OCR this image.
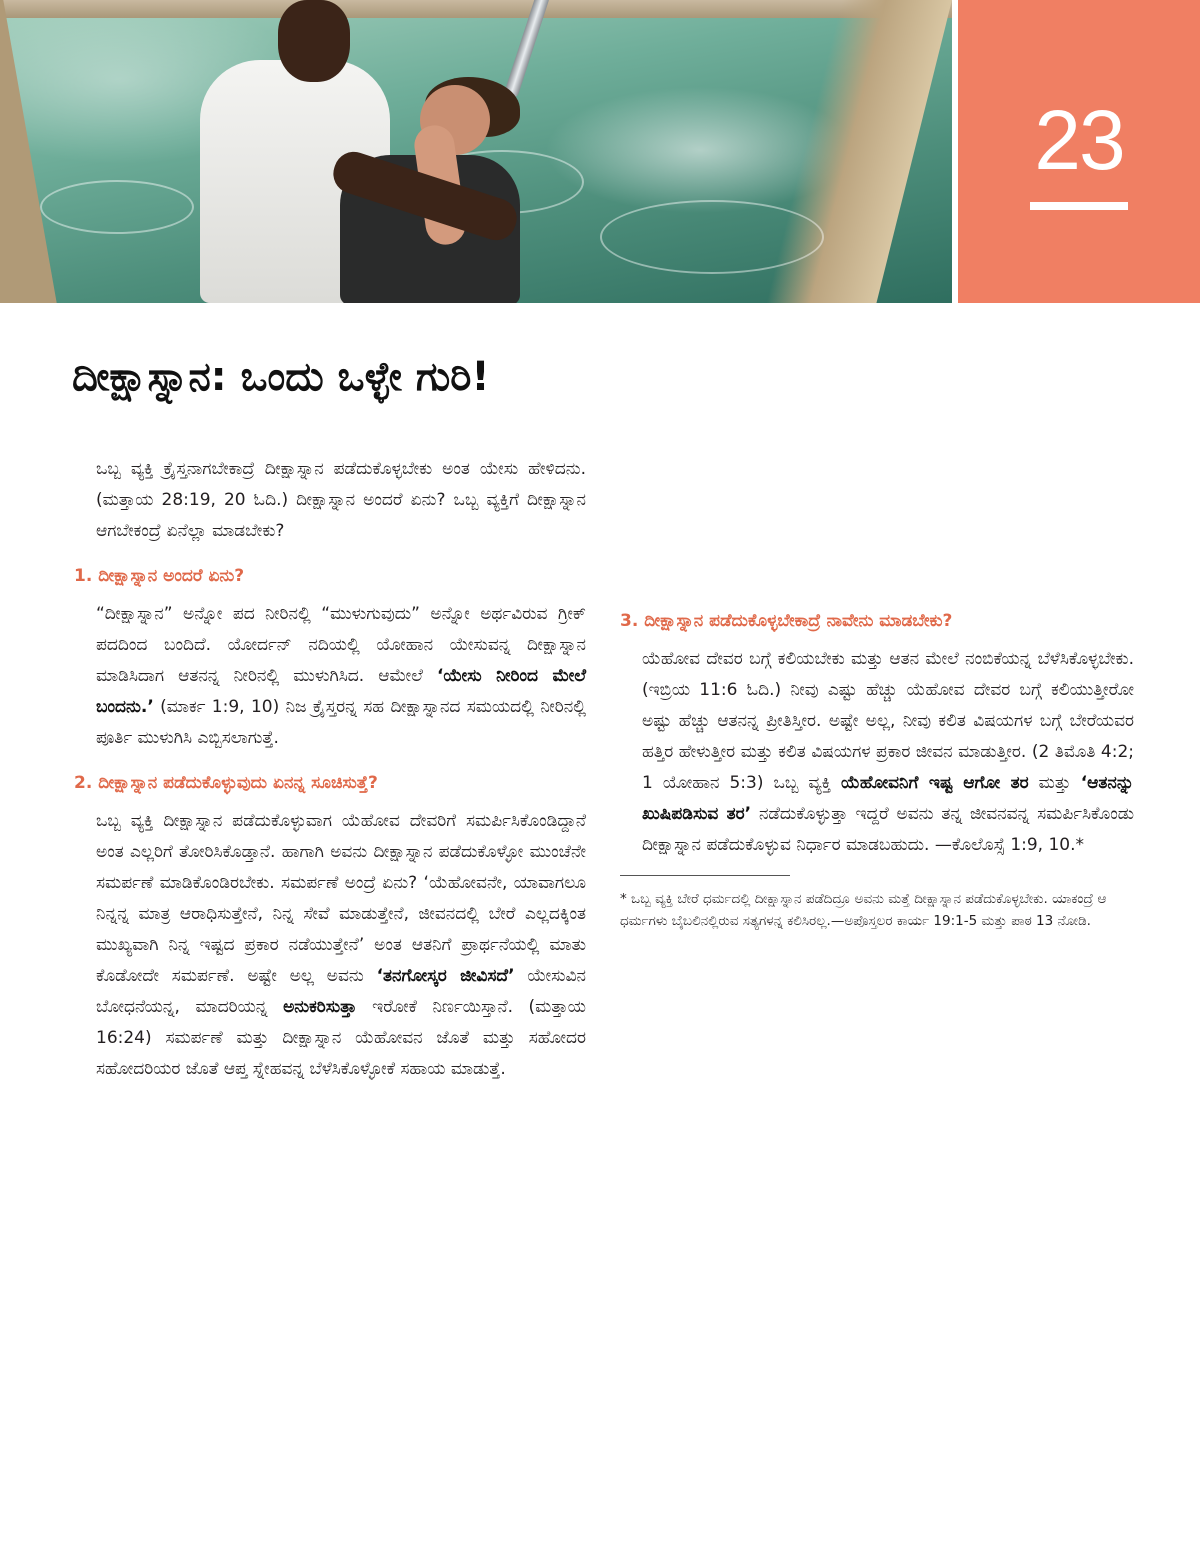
23
ದೀಕ್ಷಾಸ್ನಾನ: ಒಂದು ಒಳ್ಳೇ ಗುರಿ!

ಒಬ್ಬ ವ್ಯಕ್ತಿ ಕ್ರೈಸ್ತನಾಗಬೇಕಾದ್ರೆ ದೀಕ್ಷಾಸ್ನಾನ ಪಡೆದುಕೊಳ್ಳಬೇಕು ಅಂತ ಯೇಸು ಹೇಳಿದನು. (ಮತ್ತಾಯ 28:19, 20 ಓದಿ.) ದೀಕ್ಷಾಸ್ನಾನ ಅಂದರೆ ಏನು? ಒಬ್ಬ ವ್ಯಕ್ತಿಗೆ ದೀಕ್ಷಾಸ್ನಾನ ಆಗಬೇಕಂದ್ರೆ ಏನೆಲ್ಲಾ ಮಾಡಬೇಕು?

1. ದೀಕ್ಷಾಸ್ನಾನ ಅಂದರೆ ಏನು?

“ದೀಕ್ಷಾಸ್ನಾನ” ಅನ್ನೋ ಪದ ನೀರಿನಲ್ಲಿ “ಮುಳುಗುವುದು” ಅನ್ನೋ ಅರ್ಥವಿರುವ ಗ್ರೀಕ್ ಪದದಿಂದ ಬಂದಿದೆ. ಯೋರ್ದನ್ ನದಿಯಲ್ಲಿ ಯೋಹಾನ ಯೇಸುವನ್ನ ದೀಕ್ಷಾಸ್ನಾನ ಮಾಡಿಸಿದಾಗ ಆತನನ್ನ ನೀರಿನಲ್ಲಿ ಮುಳುಗಿಸಿದ. ಆಮೇಲೆ ‘ಯೇಸು ನೀರಿಂದ ಮೇಲೆ ಬಂದನು.’ (ಮಾರ್ಕ 1:9, 10) ನಿಜ ಕ್ರೈಸ್ತರನ್ನ ಸಹ ದೀಕ್ಷಾಸ್ನಾನದ ಸಮಯದಲ್ಲಿ ನೀರಿನಲ್ಲಿ ಪೂರ್ತಿ ಮುಳುಗಿಸಿ ಎಬ್ಬಿಸಲಾಗುತ್ತೆ.

2. ದೀಕ್ಷಾಸ್ನಾನ ಪಡೆದುಕೊಳ್ಳುವುದು ಏನನ್ನ ಸೂಚಿಸುತ್ತೆ?

ಒಬ್ಬ ವ್ಯಕ್ತಿ ದೀಕ್ಷಾಸ್ನಾನ ಪಡೆದುಕೊಳ್ಳುವಾಗ ಯೆಹೋವ ದೇವರಿಗೆ ಸಮರ್ಪಿಸಿಕೊಂಡಿದ್ದಾನೆ ಅಂತ ಎಲ್ಲರಿಗೆ ತೋರಿಸಿಕೊಡ್ತಾನೆ. ಹಾಗಾಗಿ ಅವನು ದೀಕ್ಷಾಸ್ನಾನ ಪಡೆದುಕೊಳ್ಳೋ ಮುಂಚೆನೇ ಸಮರ್ಪಣೆ ಮಾಡಿಕೊಂಡಿರಬೇಕು. ಸಮರ್ಪಣೆ ಅಂದ್ರೆ ಏನು? ‘ಯೆಹೋವನೇ, ಯಾವಾಗಲೂ ನಿನ್ನನ್ನ ಮಾತ್ರ ಆರಾಧಿಸುತ್ತೇನೆ, ನಿನ್ನ ಸೇವೆ ಮಾಡುತ್ತೇನೆ, ಜೀವನದಲ್ಲಿ ಬೇರೆ ಎಲ್ಲದಕ್ಕಿಂತ ಮುಖ್ಯವಾಗಿ ನಿನ್ನ ಇಷ್ಟದ ಪ್ರಕಾರ ನಡೆಯುತ್ತೇನೆ’ ಅಂತ ಆತನಿಗೆ ಪ್ರಾರ್ಥನೆಯಲ್ಲಿ ಮಾತು ಕೊಡೋದೇ ಸಮರ್ಪಣೆ. ಅಷ್ಟೇ ಅಲ್ಲ ಅವನು ‘ತನಗೋಸ್ಕರ ಜೀವಿಸದೆ’ ಯೇಸುವಿನ ಬೋಧನೆಯನ್ನ, ಮಾದರಿಯನ್ನ ಅನುಕರಿಸುತ್ತಾ ಇರೋಕೆ ನಿರ್ಣಯಿಸ್ತಾನೆ. (ಮತ್ತಾಯ 16:24) ಸಮರ್ಪಣೆ ಮತ್ತು ದೀಕ್ಷಾಸ್ನಾನ ಯೆಹೋವನ ಜೊತೆ ಮತ್ತು ಸಹೋದರ ಸಹೋದರಿಯರ ಜೊತೆ ಆಪ್ತ ಸ್ನೇಹವನ್ನ ಬೆಳೆಸಿಕೊಳ್ಳೋಕೆ ಸಹಾಯ ಮಾಡುತ್ತೆ.

3. ದೀಕ್ಷಾಸ್ನಾನ ಪಡೆದುಕೊಳ್ಳಬೇಕಾದ್ರೆ ನಾವೇನು ಮಾಡಬೇಕು?

ಯೆಹೋವ ದೇವರ ಬಗ್ಗೆ ಕಲಿಯಬೇಕು ಮತ್ತು ಆತನ ಮೇಲೆ ನಂಬಿಕೆಯನ್ನ ಬೆಳೆಸಿಕೊಳ್ಳಬೇಕು. (ಇಬ್ರಿಯ 11:6 ಓದಿ.) ನೀವು ಎಷ್ಟು ಹೆಚ್ಚು ಯೆಹೋವ ದೇವರ ಬಗ್ಗೆ ಕಲಿಯುತ್ತೀರೋ ಅಷ್ಟು ಹೆಚ್ಚು ಆತನನ್ನ ಪ್ರೀತಿಸ್ತೀರ. ಅಷ್ಟೇ ಅಲ್ಲ, ನೀವು ಕಲಿತ ವಿಷಯಗಳ ಬಗ್ಗೆ ಬೇರೆಯವರ ಹತ್ತಿರ ಹೇಳುತ್ತೀರ ಮತ್ತು ಕಲಿತ ವಿಷಯಗಳ ಪ್ರಕಾರ ಜೀವನ ಮಾಡುತ್ತೀರ. (2 ತಿಮೊತಿ 4:2; 1 ಯೋಹಾನ 5:3) ಒಬ್ಬ ವ್ಯಕ್ತಿ ಯೆಹೋವನಿಗೆ ಇಷ್ಟ ಆಗೋ ತರ ಮತ್ತು ‘ಆತನನ್ನು ಖುಷಿಪಡಿಸುವ ತರ’ ನಡೆದುಕೊಳ್ಳುತ್ತಾ ಇದ್ದರೆ ಅವನು ತನ್ನ ಜೀವನವನ್ನ ಸಮರ್ಪಿಸಿಕೊಂಡು ದೀಕ್ಷಾಸ್ನಾನ ಪಡೆದುಕೊಳ್ಳುವ ನಿರ್ಧಾರ ಮಾಡಬಹುದು. —ಕೊಲೊಸ್ಸೆ 1:9, 10.*

* ಒಬ್ಬ ವ್ಯಕ್ತಿ ಬೇರೆ ಧರ್ಮದಲ್ಲಿ ದೀಕ್ಷಾಸ್ನಾನ ಪಡೆದಿದ್ರೂ ಅವನು ಮತ್ತೆ ದೀಕ್ಷಾಸ್ನಾನ ಪಡೆದುಕೊಳ್ಳಬೇಕು. ಯಾಕಂದ್ರೆ ಆ ಧರ್ಮಗಳು ಬೈಬಲಿನಲ್ಲಿರುವ ಸತ್ಯಗಳನ್ನ ಕಲಿಸಿರಲ್ಲ.—ಅಪೊಸ್ತಲರ ಕಾರ್ಯ 19:1-5 ಮತ್ತು ಪಾಠ 13 ನೋಡಿ.
